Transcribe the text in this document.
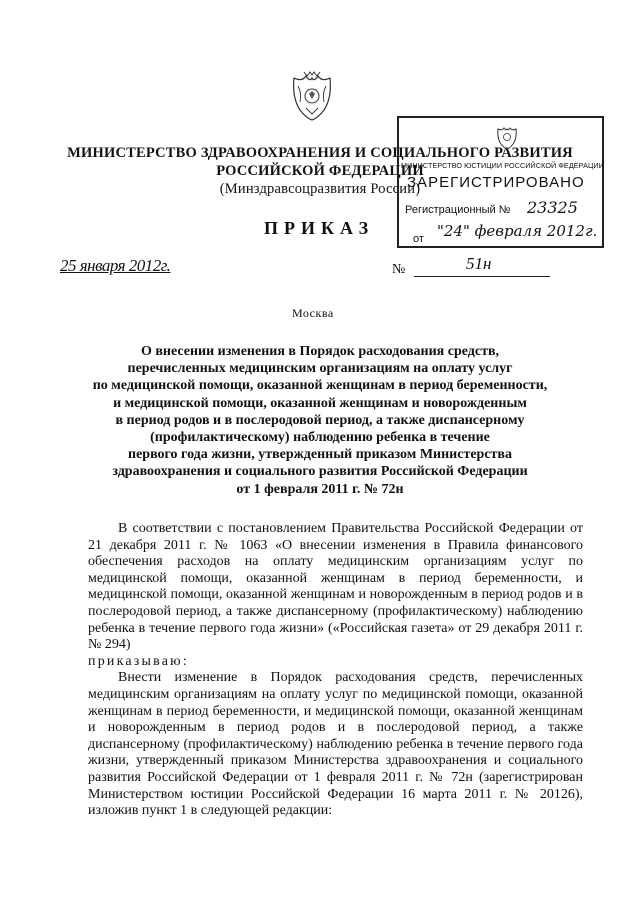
МИНИСТЕРСТВО ЗДРАВООХРАНЕНИЯ И СОЦИАЛЬНОГО РАЗВИТИЯ
РОССИЙСКОЙ ФЕДЕРАЦИИ
(Минздравсоцразвития России)
МИНИСТЕРСТВО ЮСТИЦИИ РОССИЙСКОЙ ФЕДЕРАЦИИ
ЗАРЕГИСТРИРОВАНО
Регистрационный № 23325
от "24" февраля 2012г.
ПРИКАЗ
25 января 2012г.	№	51н
Москва
О внесении изменения в Порядок расходования средств,
перечисленных медицинским организациям на оплату услуг
по медицинской помощи, оказанной женщинам в период беременности,
и медицинской помощи, оказанной женщинам и новорожденным
в период родов и в послеродовой период, а также диспансерному
(профилактическому) наблюдению ребенка в течение
первого года жизни, утвержденный приказом Министерства
здравоохранения и социального развития Российской Федерации
от 1 февраля 2011 г. № 72н

В соответствии с постановлением Правительства Российской Федерации от 21 декабря 2011 г. № 1063 «О внесении изменения в Правила финансового обеспечения расходов на оплату медицинским организациям услуг по медицинской помощи, оказанной женщинам в период беременности, и медицинской помощи, оказанной женщинам и новорожденным в период родов и в послеродовой период, а также диспансерному (профилактическому) наблюдению ребенка в течение первого года жизни» («Российская газета» от 29 декабря 2011 г. № 294)

приказываю:

Внести изменение в Порядок расходования средств, перечисленных медицинским организациям на оплату услуг по медицинской помощи, оказанной женщинам в период беременности, и медицинской помощи, оказанной женщинам и новорожденным в период родов и в послеродовой период, а также диспансерному (профилактическому) наблюдению ребенка в течение первого года жизни, утвержденный приказом Министерства здравоохранения и социального развития Российской Федерации от 1 февраля 2011 г. № 72н (зарегистрирован Министерством юстиции Российской Федерации 16 марта 2011 г. № 20126), изложив пункт 1 в следующей редакции:
